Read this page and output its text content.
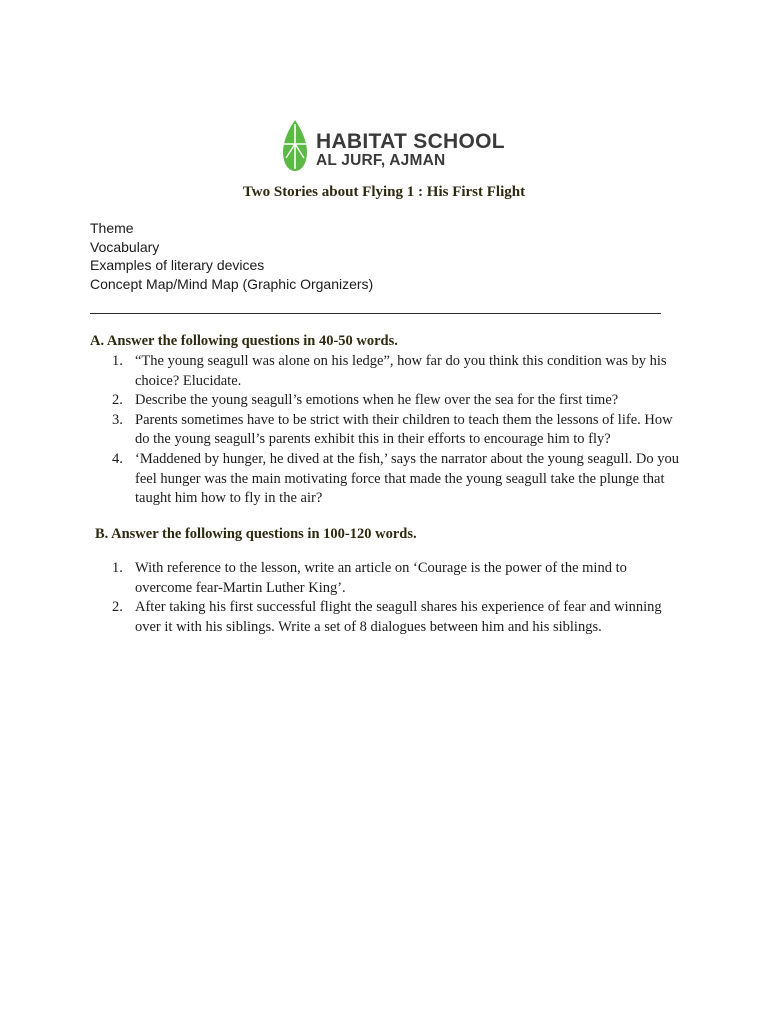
HABITAT SCHOOL
AL JURF, AJMAN
Two Stories about Flying 1 : His First Flight
Theme
Vocabulary
Examples of literary devices
Concept Map/Mind Map (Graphic Organizers)
A. Answer the following questions in 40-50 words.
1. “The young seagull was alone on his ledge”, how far do you think this condition was by his choice? Elucidate.
2. Describe the young seagull’s emotions when he flew over the sea for the first time?
3. Parents sometimes have to be strict with their children to teach them the lessons of life. How do the young seagull’s parents exhibit this in their efforts to encourage him to fly?
4. ‘Maddened by hunger, he dived at the fish,’ says the narrator about the young seagull. Do you feel hunger was the main motivating force that made the young seagull take the plunge that taught him how to fly in the air?
B. Answer the following questions in 100-120 words.
1. With reference to the lesson, write an article on ‘Courage is the power of the mind to overcome fear-Martin Luther King’.
2. After taking his first successful flight the seagull shares his experience of fear and winning over it with his siblings. Write a set of 8 dialogues between him and his siblings.
